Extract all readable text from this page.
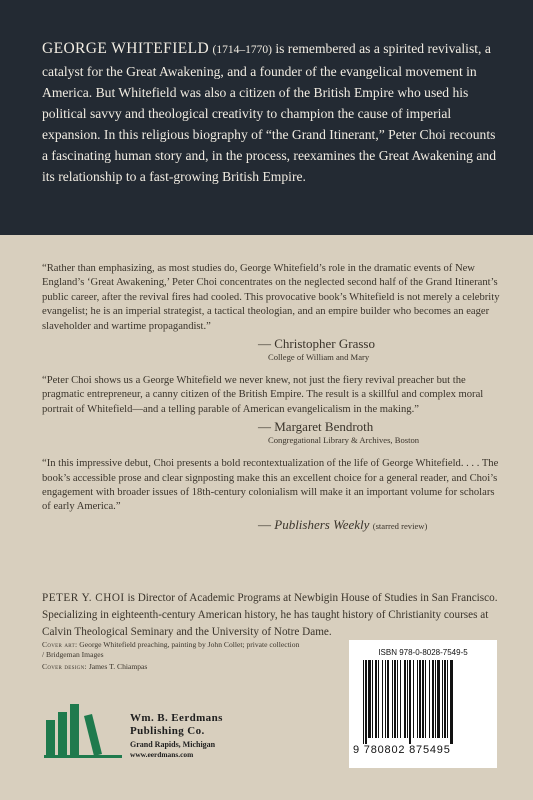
GEORGE WHITEFIELD (1714–1770) is remembered as a spirited revivalist, a catalyst for the Great Awakening, and a founder of the evangelical movement in America. But Whitefield was also a citizen of the British Empire who used his political savvy and theological creativity to champion the cause of imperial expansion. In this religious biography of “the Grand Itinerant,” Peter Choi recounts a fascinating human story and, in the process, reexamines the Great Awakening and its relationship to a fast-growing British Empire.

“Rather than emphasizing, as most studies do, George Whitefield’s role in the dramatic events of New England’s ‘Great Awakening,’ Peter Choi concentrates on the neglected second half of the Grand Itinerant’s public career, after the revival fires had cooled. This provocative book’s Whitefield is not merely a celebrity evangelist; he is an imperial strategist, a tactical theologian, and an empire builder who becomes an eager slaveholder and wartime propagandist.”

— Christopher Grasso
College of William and Mary

“Peter Choi shows us a George Whitefield we never knew, not just the fiery revival preacher but the pragmatic entrepreneur, a canny citizen of the British Empire. The result is a skillful and complex moral portrait of Whitefield—and a telling parable of American evangelicalism in the making.”

— Margaret Bendroth
Congregational Library & Archives, Boston

“In this impressive debut, Choi presents a bold recontextualization of the life of George Whitefield. . . . The book’s accessible prose and clear signposting make this an excellent choice for a general reader, and Choi’s engagement with broader issues of 18th-century colonialism will make it an important volume for scholars of early America.”

— Publishers Weekly (starred review)

PETER Y. CHOI is Director of Academic Programs at Newbigin House of Studies in San Francisco. Specializing in eighteenth-century American history, he has taught history of Christianity courses at Calvin Theological Seminary and the University of Notre Dame.

Cover art: George Whitefield preaching, painting by John Collet; private collection / Bridgeman Images

Cover design: James T. Chiampas

Wm. B. Eerdmans
Publishing Co.
Grand Rapids, Michigan
www.eerdmans.com
ISBN 978-0-8028-7549-5
9 780802 875495
